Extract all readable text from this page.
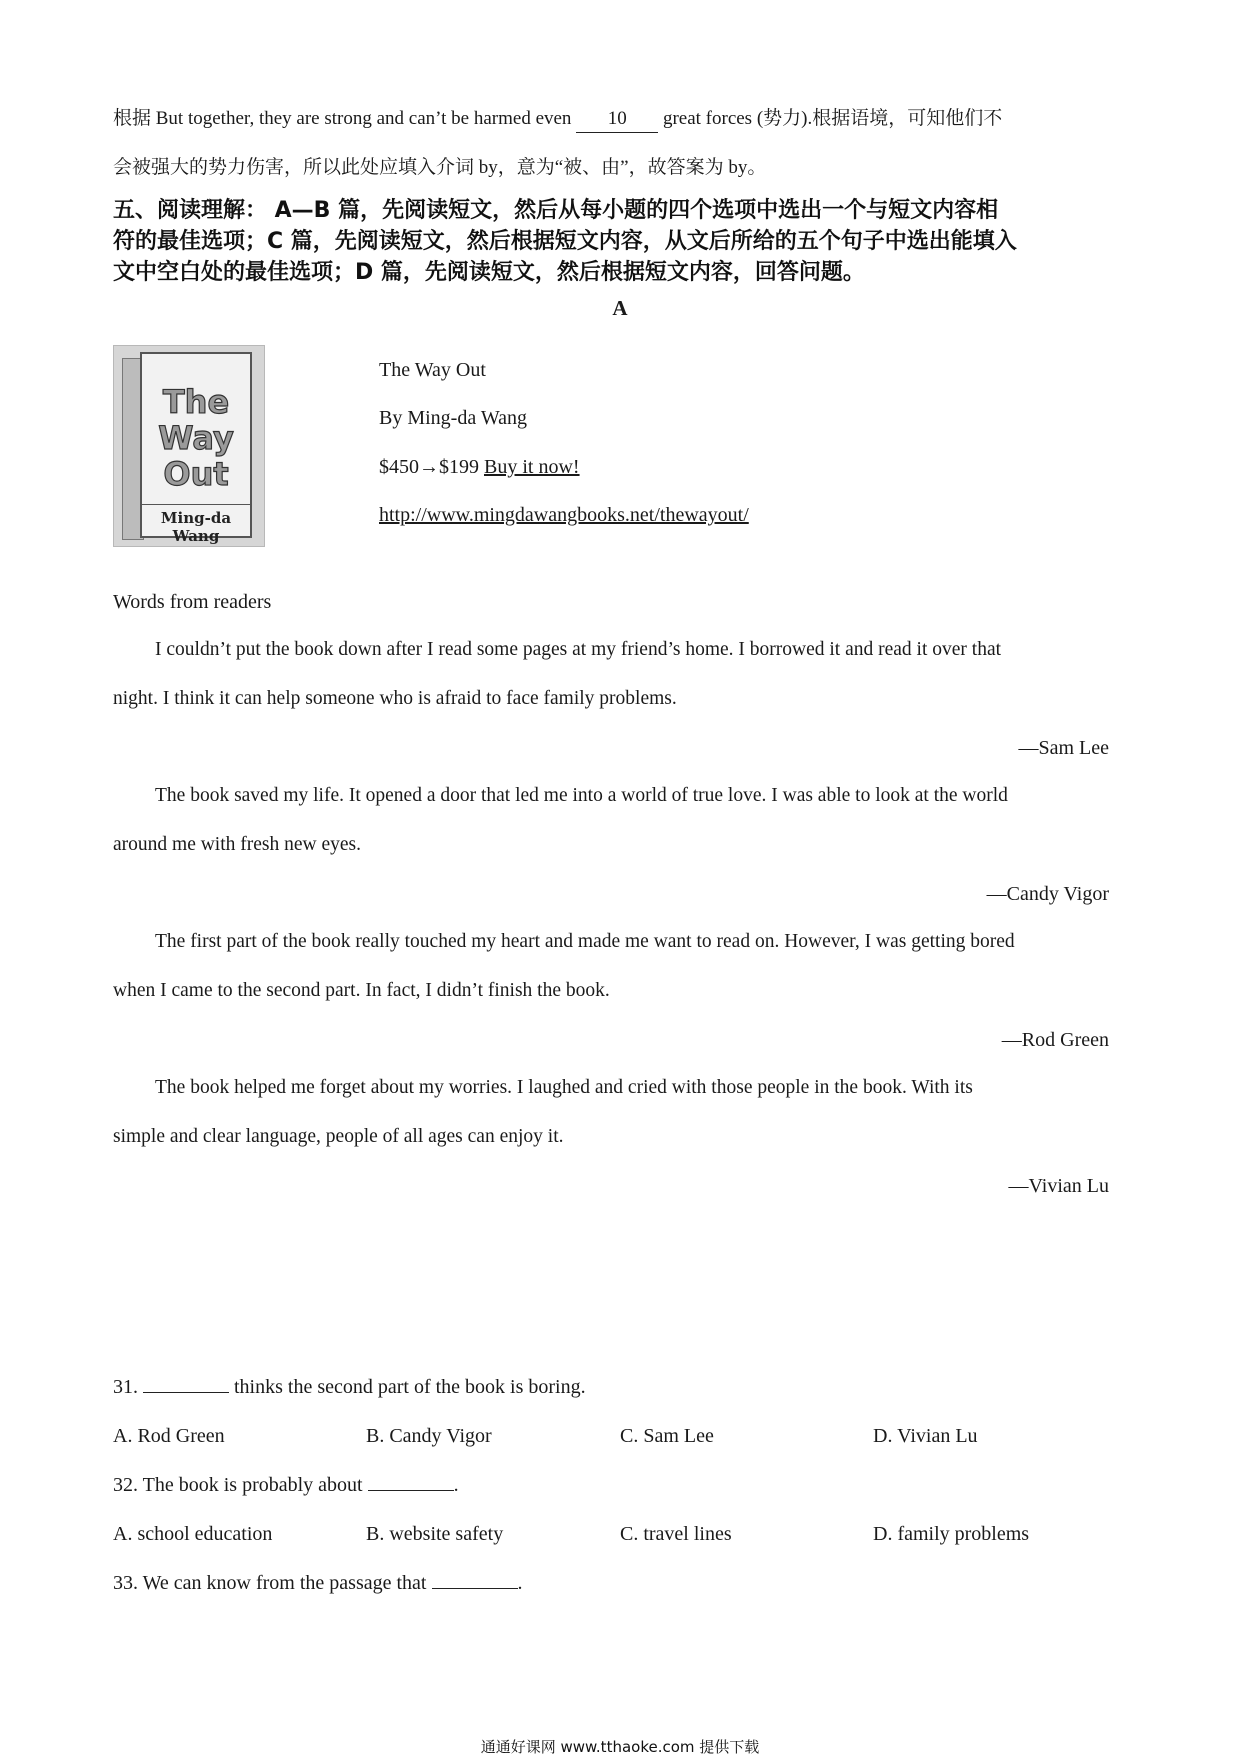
根据 But together, they are strong and can’t be harmed even 10 great forces (势力).根据语境，可知他们不
会被强大的势力伤害，所以此处应填入介词 by，意为“被、由”，故答案为 by。
五、阅读理解： A—B 篇，先阅读短文，然后从每小题的四个选项中选出一个与短文内容相
符的最佳选项；C 篇，先阅读短文，然后根据短文内容，从文后所给的五个句子中选出能填入
文中空白处的最佳选项；D 篇，先阅读短文，然后根据短文内容，回答问题。
A
The
Way
Out
Ming-da Wang
The Way Out
By Ming-da Wang
$450→$199 Buy it now!
http://www.mingdawangbooks.net/thewayout/
Words from readers
I couldn’t put the book down after I read some pages at my friend’s home. I borrowed it and read it over that
night. I think it can help someone who is afraid to face family problems.
—Sam Lee
The book saved my life. It opened a door that led me into a world of true love. I was able to look at the world
around me with fresh new eyes.
—Candy Vigor
The first part of the book really touched my heart and made me want to read on. However, I was getting bored
when I came to the second part. In fact, I didn’t finish the book.
—Rod Green
The book helped me forget about my worries. I laughed and cried with those people in the book. With its
simple and clear language, people of all ages can enjoy it.
—Vivian Lu
31.	thinks the second part of the book is boring.
A. Rod Green	B. Candy Vigor	C. Sam Lee	D. Vivian Lu
32. The book is probably about	.
A. school education	B. website safety	C. travel lines	D. family problems
33. We can know from the passage that	.
通通好课网 www.tthaoke.com 提供下载
